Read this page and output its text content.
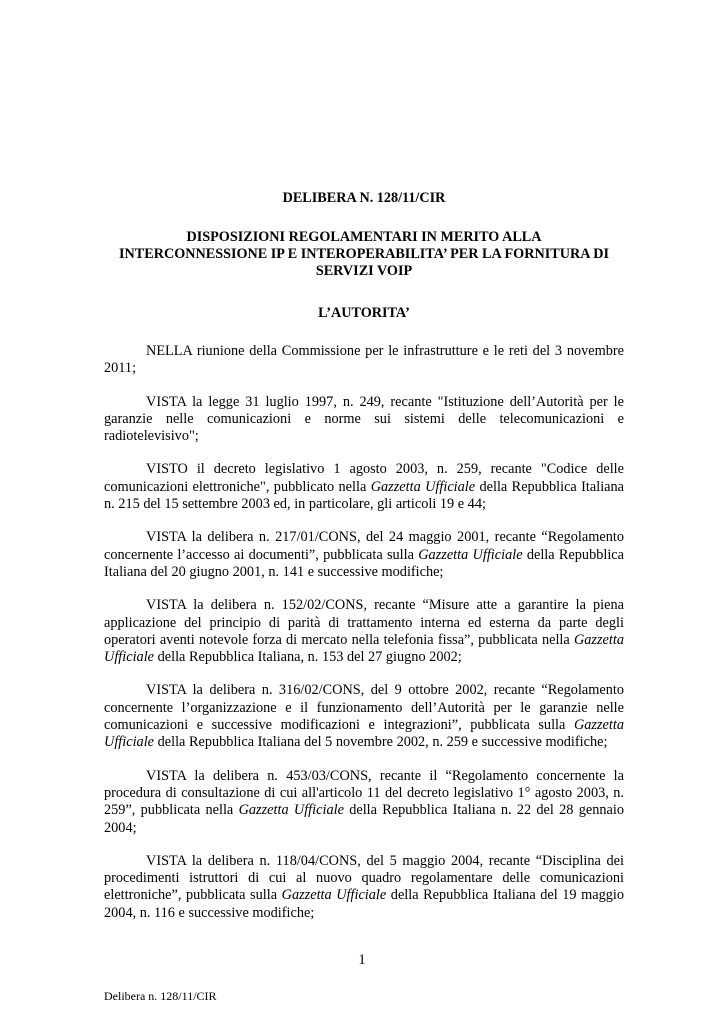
DELIBERA N. 128/11/CIR

DISPOSIZIONI REGOLAMENTARI IN MERITO ALLA

INTERCONNESSIONE IP E INTEROPERABILITA’ PER LA FORNITURA DI

SERVIZI VOIP

L’AUTORITA’

NELLA riunione della Commissione per le infrastrutture e le reti del 3 novembre 2011;

VISTA la legge 31 luglio 1997, n. 249, recante "Istituzione dell’Autorità per le garanzie nelle comunicazioni e norme sui sistemi delle telecomunicazioni e radiotelevisivo";

VISTO il decreto legislativo 1 agosto 2003, n. 259, recante "Codice delle comunicazioni elettroniche", pubblicato nella Gazzetta Ufficiale della Repubblica Italiana n. 215 del 15 settembre 2003 ed, in particolare, gli articoli 19 e 44;

VISTA la delibera n. 217/01/CONS, del 24 maggio 2001, recante “Regolamento concernente l’accesso ai documenti”, pubblicata sulla Gazzetta Ufficiale della Repubblica Italiana del 20 giugno 2001, n. 141 e successive modifiche;

VISTA la delibera n. 152/02/CONS, recante “Misure atte a garantire la piena applicazione del principio di parità di trattamento interna ed esterna da parte degli operatori aventi notevole forza di mercato nella telefonia fissa”, pubblicata nella Gazzetta Ufficiale della Repubblica Italiana, n. 153 del 27 giugno 2002;

VISTA la delibera n. 316/02/CONS, del 9 ottobre 2002, recante “Regolamento concernente l’organizzazione e il funzionamento dell’Autorità per le garanzie nelle comunicazioni e successive modificazioni e integrazioni”, pubblicata sulla Gazzetta Ufficiale della Repubblica Italiana del 5 novembre 2002, n. 259 e successive modifiche;

VISTA la delibera n. 453/03/CONS, recante il “Regolamento concernente la procedura di consultazione di cui all'articolo 11 del decreto legislativo 1° agosto 2003, n. 259”, pubblicata nella Gazzetta Ufficiale della Repubblica Italiana n. 22 del 28 gennaio 2004;

VISTA la delibera n. 118/04/CONS, del 5 maggio 2004, recante “Disciplina dei procedimenti istruttori di cui al nuovo quadro regolamentare delle comunicazioni elettroniche”, pubblicata sulla Gazzetta Ufficiale della Repubblica Italiana del 19 maggio 2004, n. 116 e successive modifiche;

1
Delibera n. 128/11/CIR
